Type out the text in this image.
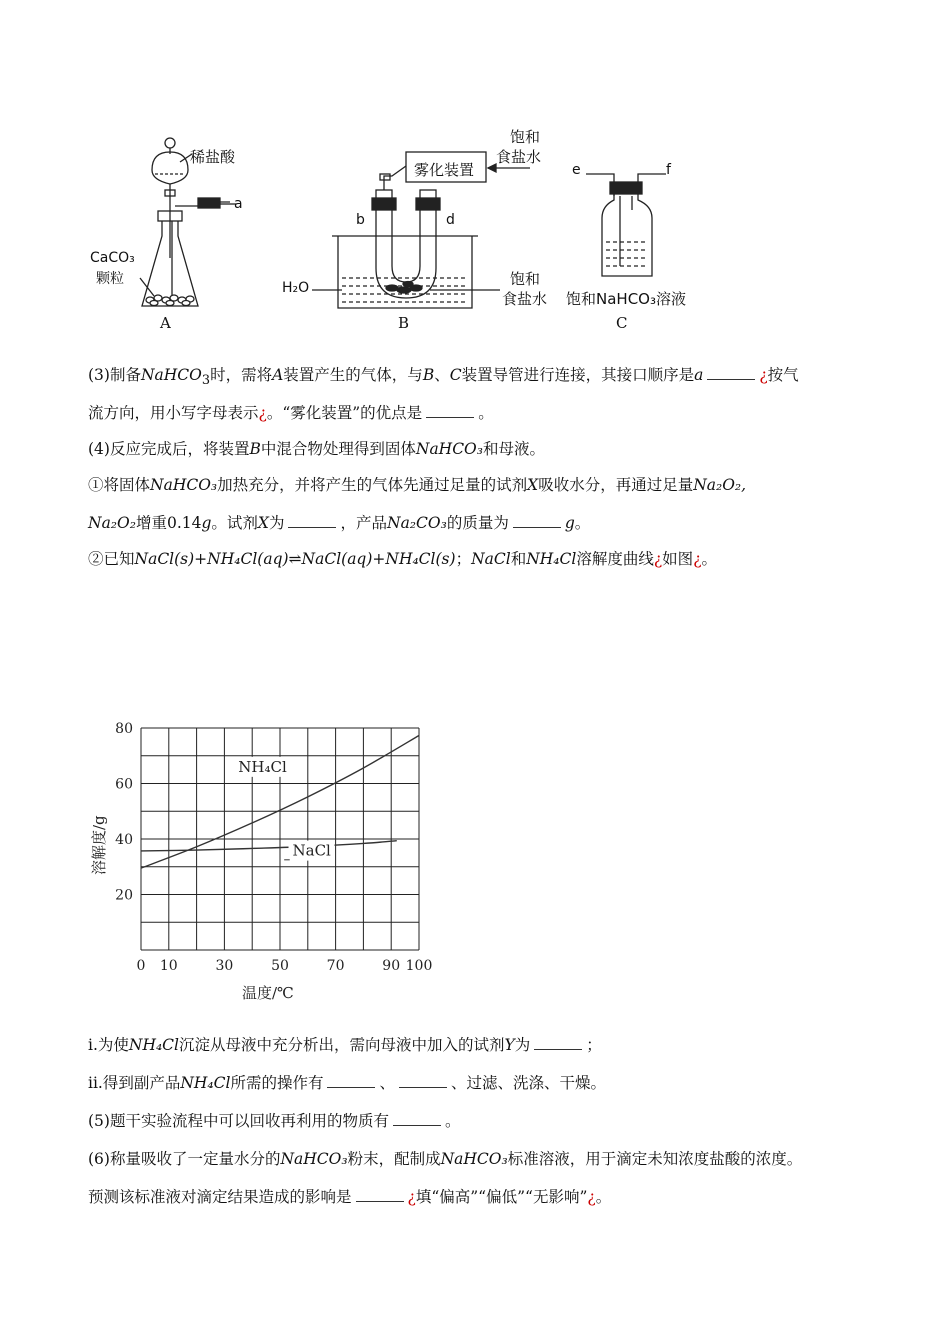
稀盐酸
a
CaCO₃
颗粒
A
雾化装置
饱和
食盐水
b	d
H₂O	饱和
食盐水
B
e	f
饱和NaHCO₃溶液
C
(3)制备NaHCO$_3$时，需将A装置产生的气体，与B、C装置导管进行连接，其接口顺序是a	¿按气
流方向，用小写字母表示¿。“雾化装置”的优点是	。
(4)反应完成后，将装置B中混合物处理得到固体NaHCO₃和母液。
①将固体NaHCO₃加热充分，并将产生的气体先通过足量的试剂X吸收水分，再通过足量Na₂O₂,
Na₂O₂增重0.14g。试剂X为	，产品Na₂CO₃的质量为	g。
②已知NaCl(s)+NH₄Cl(aq)⇌NaCl(aq)+NH₄Cl(s)；NaCl和NH₄Cl溶解度曲线¿如图¿。
0 10	30	50	70	90 100
20
40
60
80
温度/℃
溶解度/g
NH₄Cl
NaCl
i.为使NH₄Cl沉淀从母液中充分析出，需向母液中加入的试剂Y为	；
ii.得到副产品NH₄Cl所需的操作有	、	、过滤、洗涤、干燥。
(5)题干实验流程中可以回收再利用的物质有	。
(6)称量吸收了一定量水分的NaHCO₃粉末，配制成NaHCO₃标准溶液，用于滴定未知浓度盐酸的浓度。
预测该标准液对滴定结果造成的影响是	¿填“偏高”“偏低”“无影响”¿。
